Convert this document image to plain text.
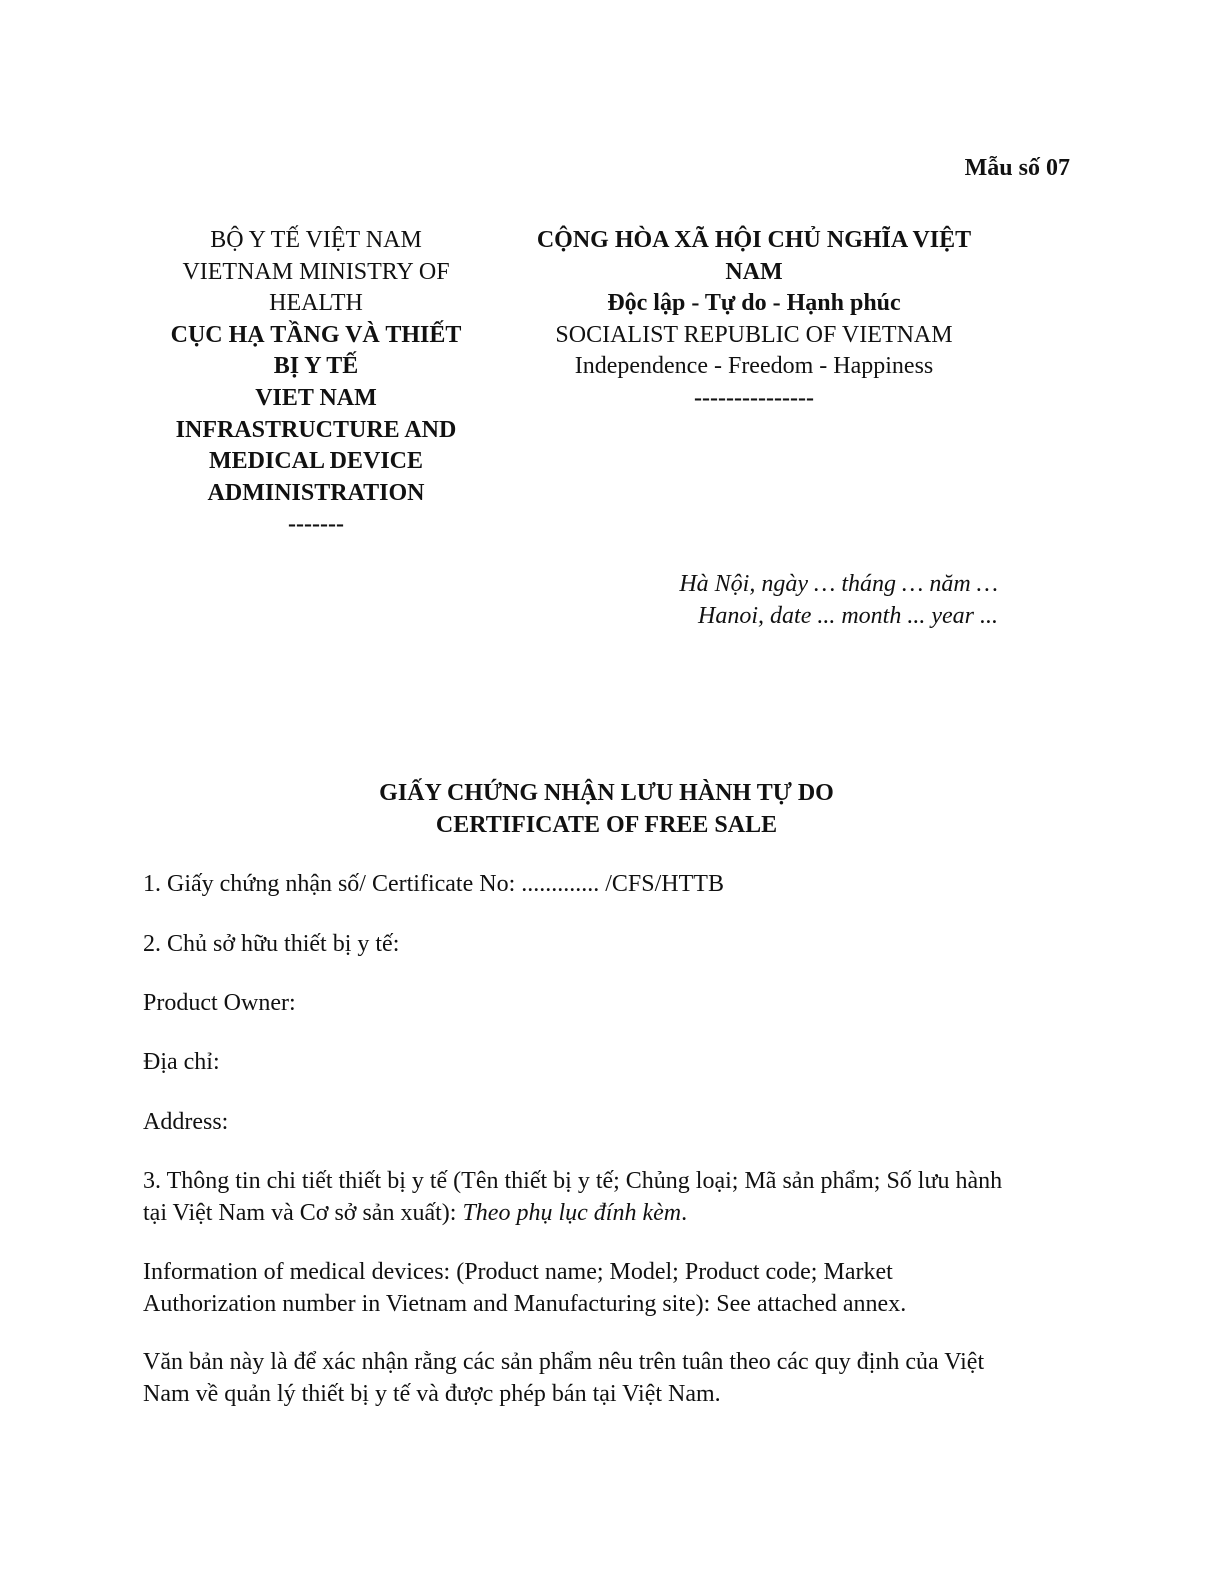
Mẫu số 07
BỘ Y TẾ VIỆT NAM
VIETNAM MINISTRY OF
HEALTH
CỤC HẠ TẦNG VÀ THIẾT
BỊ Y TẾ
VIET NAM
INFRASTRUCTURE AND
MEDICAL DEVICE
ADMINISTRATION
-------
CỘNG HÒA XÃ HỘI CHỦ NGHĨA VIỆT
NAM
Độc lập - Tự do - Hạnh phúc
SOCIALIST REPUBLIC OF VIETNAM
Independence - Freedom - Happiness
---------------
Hà Nội, ngày … tháng … năm …
Hanoi, date ... month ... year ...
GIẤY CHỨNG NHẬN LƯU HÀNH TỰ DO
CERTIFICATE OF FREE SALE
1. Giấy chứng nhận số/ Certificate No: ............. /CFS/HTTB
2. Chủ sở hữu thiết bị y tế:
Product Owner:
Địa chỉ:
Address:
3. Thông tin chi tiết thiết bị y tế (Tên thiết bị y tế; Chủng loại; Mã sản phẩm; Số lưu hành
tại Việt Nam và Cơ sở sản xuất): Theo phụ lục đính kèm.
Information of medical devices: (Product name; Model; Product code; Market
Authorization number in Vietnam and Manufacturing site): See attached annex.
Văn bản này là để xác nhận rằng các sản phẩm nêu trên tuân theo các quy định của Việt
Nam về quản lý thiết bị y tế và được phép bán tại Việt Nam.
